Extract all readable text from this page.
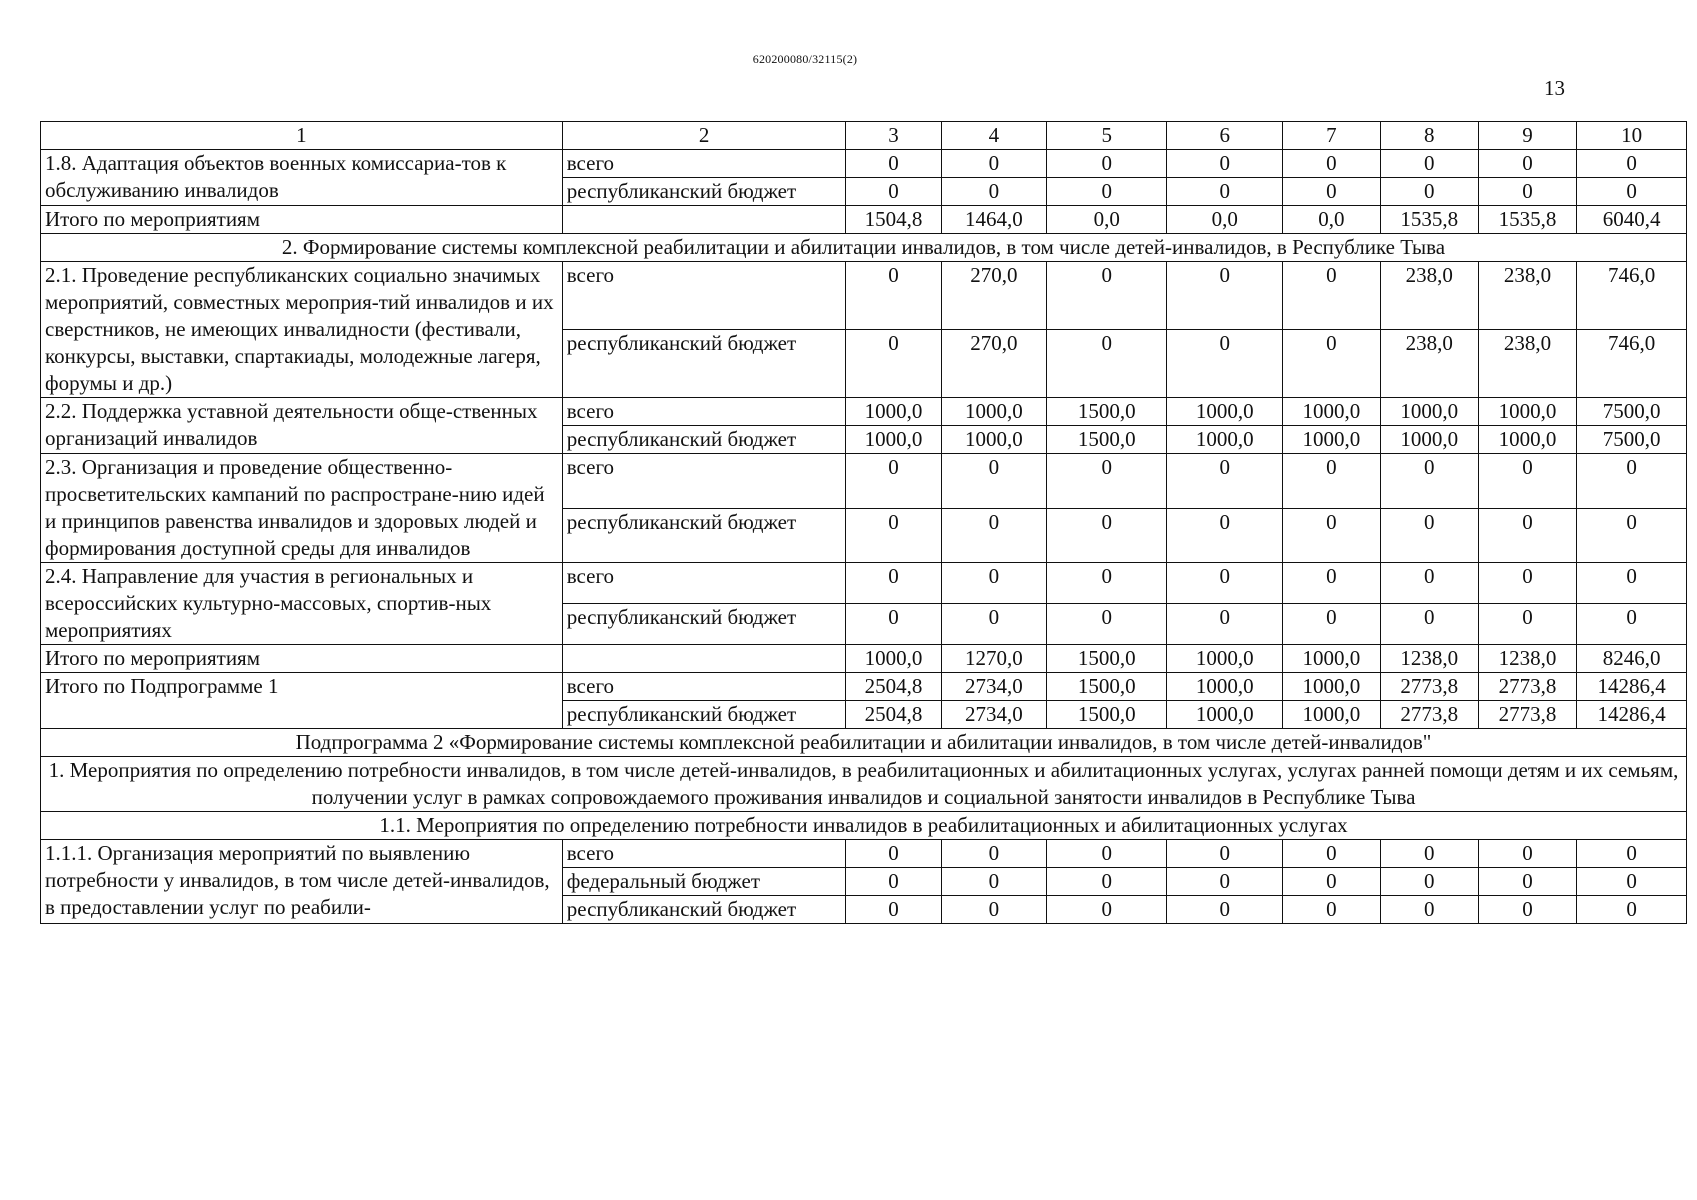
620200080/32115(2)
13
1	2	3	4	5	6	7	8	9	10
1.8. Адаптация объектов военных комиссариа-тов к обслуживанию инвалидов	всего	0	0	0	0	0	0	0	0
	республиканский бюджет	0	0	0	0	0	0	0	0
Итого по мероприятиям		1504,8	1464,0	0,0	0,0	0,0	1535,8	1535,8	6040,4
2. Формирование системы комплексной реабилитации и абилитации инвалидов, в том числе детей-инвалидов, в Республике Тыва									
2.1. Проведение республиканских социально значимых мероприятий, совместных мероприя-тий инвалидов и их сверстников, не имеющих инвалидности (фестивали, конкурсы, выставки, спартакиады, молодежные лагеря, форумы и др.)	всего	0	270,0	0	0	0	238,0	238,0	746,0
	республиканский бюджет	0	270,0	0	0	0	238,0	238,0	746,0
2.2. Поддержка уставной деятельности обще-ственных организаций инвалидов	всего	1000,0	1000,0	1500,0	1000,0	1000,0	1000,0	1000,0	7500,0
	республиканский бюджет	1000,0	1000,0	1500,0	1000,0	1000,0	1000,0	1000,0	7500,0
2.3. Организация и проведение общественно-просветительских кампаний по распростране-нию идей и принципов равенства инвалидов и здоровых людей и формирования доступной среды для инвалидов	всего	0	0	0	0	0	0	0	0
	республиканский бюджет	0	0	0	0	0	0	0	0
2.4. Направление для участия в региональных и всероссийских культурно-массовых, спортив-ных мероприятиях	всего	0	0	0	0	0	0	0	0
	республиканский бюджет	0	0	0	0	0	0	0	0
Итого по мероприятиям		1000,0	1270,0	1500,0	1000,0	1000,0	1238,0	1238,0	8246,0
Итого по Подпрограмме 1	всего	2504,8	2734,0	1500,0	1000,0	1000,0	2773,8	2773,8	14286,4
	республиканский бюджет	2504,8	2734,0	1500,0	1000,0	1000,0	2773,8	2773,8	14286,4
Подпрограмма 2 «Формирование системы комплексной реабилитации и абилитации инвалидов, в том числе детей-инвалидов"									
1. Мероприятия по определению потребности инвалидов, в том числе детей-инвалидов, в реабилитационных и абилитационных услугах, услугах ранней помощи детям и их семьям, получении услуг в рамках сопровождаемого проживания инвалидов и социальной занятости инвалидов в Республике Тыва									
1.1. Мероприятия по определению потребности инвалидов в реабилитационных и абилитационных услугах									
1.1.1. Организация мероприятий по выявлению потребности у инвалидов, в том числе детей-инвалидов, в предоставлении услуг по реабили-	всего	0	0	0	0	0	0	0	0
	федеральный бюджет	0	0	0	0	0	0	0	0
	республиканский бюджет	0	0	0	0	0	0	0	0
